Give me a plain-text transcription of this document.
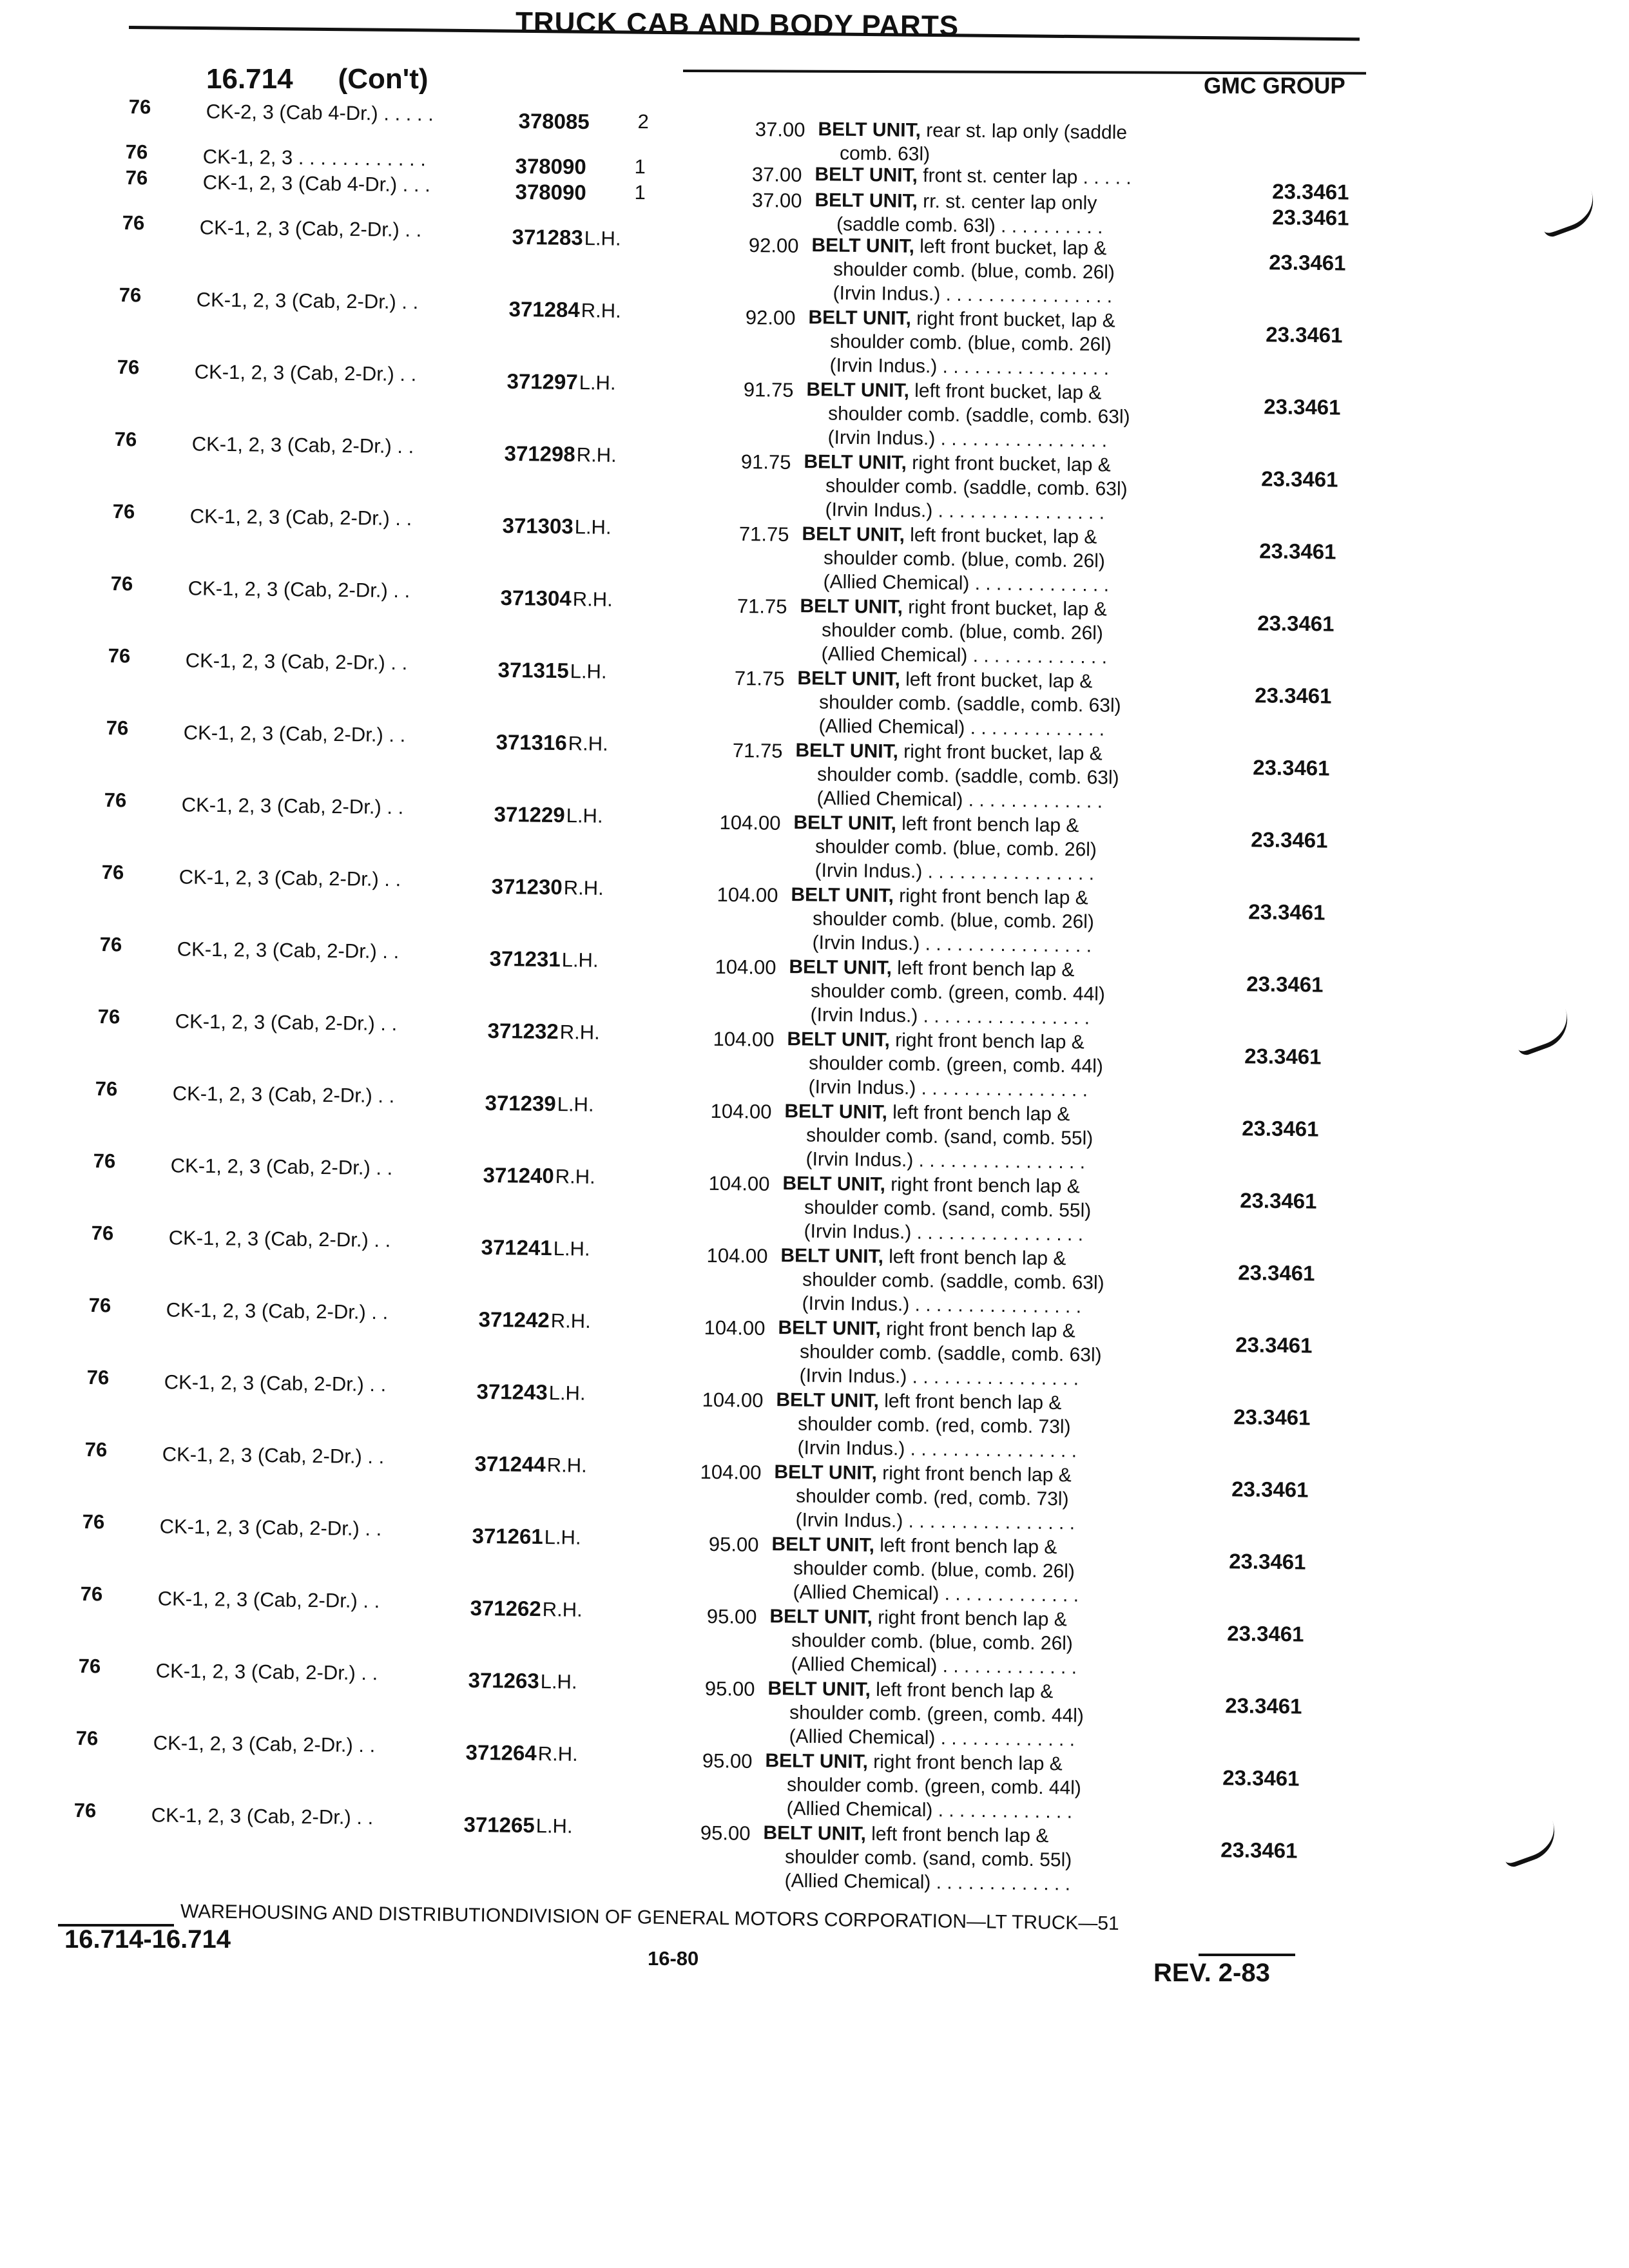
TRUCK CAB AND BODY PARTS
16.714 (Con't)	GMC GROUP
76	CK-2, 3 (Cab 4-Dr.) . . . . .	378085 2	37.00 BELT UNIT, rear st. lap only (saddle
comb. 63l)
76	CK-1, 2, 3 . . . . . . . . . . . .	378090 1	37.00 BELT UNIT, front st. center lap . . . . .
23.3461
76	CK-1, 2, 3 (Cab 4-Dr.) . . .	378090 1	37.00 BELT UNIT, rr. st. center lap only
(saddle comb. 63l) . . . . . . . . . .	23.3461
76	CK-1, 2, 3 (Cab, 2-Dr.) . .	371283L.H.	92.00 BELT UNIT, left front bucket, lap &
shoulder comb. (blue, comb. 26l)
(Irvin Indus.) . . . . . . . . . . . . . . . .
23.3461
76	CK-1, 2, 3 (Cab, 2-Dr.) . .	371284R.H.	92.00 BELT UNIT, right front bucket, lap &
shoulder comb. (blue, comb. 26l)
(Irvin Indus.) . . . . . . . . . . . . . . . .
23.3461
76	CK-1, 2, 3 (Cab, 2-Dr.) . .	371297L.H.	91.75 BELT UNIT, left front bucket, lap &
shoulder comb. (saddle, comb. 63l)
(Irvin Indus.) . . . . . . . . . . . . . . . .
23.3461
76	CK-1, 2, 3 (Cab, 2-Dr.) . .	371298R.H.	91.75 BELT UNIT, right front bucket, lap &
shoulder comb. (saddle, comb. 63l)
(Irvin Indus.) . . . . . . . . . . . . . . . .
23.3461
76	CK-1, 2, 3 (Cab, 2-Dr.) . .	371303L.H.	71.75 BELT UNIT, left front bucket, lap &
shoulder comb. (blue, comb. 26l)
(Allied Chemical) . . . . . . . . . . . . .
23.3461
76	CK-1, 2, 3 (Cab, 2-Dr.) . .	371304R.H.	71.75 BELT UNIT, right front bucket, lap &
shoulder comb. (blue, comb. 26l)
(Allied Chemical) . . . . . . . . . . . . .
23.3461
76	CK-1, 2, 3 (Cab, 2-Dr.) . .	371315L.H.	71.75 BELT UNIT, left front bucket, lap &
shoulder comb. (saddle, comb. 63l)
(Allied Chemical) . . . . . . . . . . . . .
23.3461
76	CK-1, 2, 3 (Cab, 2-Dr.) . .	371316R.H.	71.75 BELT UNIT, right front bucket, lap &
shoulder comb. (saddle, comb. 63l)
(Allied Chemical) . . . . . . . . . . . . .
23.3461
76	CK-1, 2, 3 (Cab, 2-Dr.) . .	371229L.H.	104.00 BELT UNIT, left front bench lap &
shoulder comb. (blue, comb. 26l)
(Irvin Indus.) . . . . . . . . . . . . . . . .
23.3461
76	CK-1, 2, 3 (Cab, 2-Dr.) . .	371230R.H.	104.00 BELT UNIT, right front bench lap &
shoulder comb. (blue, comb. 26l)
(Irvin Indus.) . . . . . . . . . . . . . . . .
23.3461
76	CK-1, 2, 3 (Cab, 2-Dr.) . .	371231L.H.	104.00 BELT UNIT, left front bench lap &
shoulder comb. (green, comb. 44l)
(Irvin Indus.) . . . . . . . . . . . . . . . .
23.3461
76	CK-1, 2, 3 (Cab, 2-Dr.) . .	371232R.H.	104.00 BELT UNIT, right front bench lap &
shoulder comb. (green, comb. 44l)
(Irvin Indus.) . . . . . . . . . . . . . . . .
23.3461
76	CK-1, 2, 3 (Cab, 2-Dr.) . .	371239L.H.	104.00 BELT UNIT, left front bench lap &
shoulder comb. (sand, comb. 55l)
(Irvin Indus.) . . . . . . . . . . . . . . . .
23.3461
76	CK-1, 2, 3 (Cab, 2-Dr.) . .	371240R.H.	104.00 BELT UNIT, right front bench lap &
shoulder comb. (sand, comb. 55l)
(Irvin Indus.) . . . . . . . . . . . . . . . .
23.3461
76	CK-1, 2, 3 (Cab, 2-Dr.) . .	371241L.H.	104.00 BELT UNIT, left front bench lap &
shoulder comb. (saddle, comb. 63l)
(Irvin Indus.) . . . . . . . . . . . . . . . .
23.3461
76	CK-1, 2, 3 (Cab, 2-Dr.) . .	371242R.H.	104.00 BELT UNIT, right front bench lap &
shoulder comb. (saddle, comb. 63l)
(Irvin Indus.) . . . . . . . . . . . . . . . .
23.3461
76	CK-1, 2, 3 (Cab, 2-Dr.) . .	371243L.H.	104.00 BELT UNIT, left front bench lap &
shoulder comb. (red, comb. 73l)
(Irvin Indus.) . . . . . . . . . . . . . . . .
23.3461
76	CK-1, 2, 3 (Cab, 2-Dr.) . .	371244R.H.	104.00 BELT UNIT, right front bench lap &
shoulder comb. (red, comb. 73l)
(Irvin Indus.) . . . . . . . . . . . . . . . .
23.3461
76	CK-1, 2, 3 (Cab, 2-Dr.) . .	371261L.H.	95.00 BELT UNIT, left front bench lap &
shoulder comb. (blue, comb. 26l)
(Allied Chemical) . . . . . . . . . . . . .
23.3461
76	CK-1, 2, 3 (Cab, 2-Dr.) . .	371262R.H.	95.00 BELT UNIT, right front bench lap &
shoulder comb. (blue, comb. 26l)
(Allied Chemical) . . . . . . . . . . . . .
23.3461
76	CK-1, 2, 3 (Cab, 2-Dr.) . .	371263L.H.	95.00 BELT UNIT, left front bench lap &
shoulder comb. (green, comb. 44l)
(Allied Chemical) . . . . . . . . . . . . .
23.3461
76	CK-1, 2, 3 (Cab, 2-Dr.) . .	371264R.H.	95.00 BELT UNIT, right front bench lap &
shoulder comb. (green, comb. 44l)
(Allied Chemical) . . . . . . . . . . . . .
23.3461
76	CK-1, 2, 3 (Cab, 2-Dr.) . .	371265L.H.	95.00 BELT UNIT, left front bench lap &
shoulder comb. (sand, comb. 55l)
(Allied Chemical) . . . . . . . . . . . . .
23.3461
WAREHOUSING AND DISTRIBUTIONDIVISION OF GENERAL MOTORS CORPORATION—LT TRUCK—51
16.714-16.714
16-80
REV. 2-83
